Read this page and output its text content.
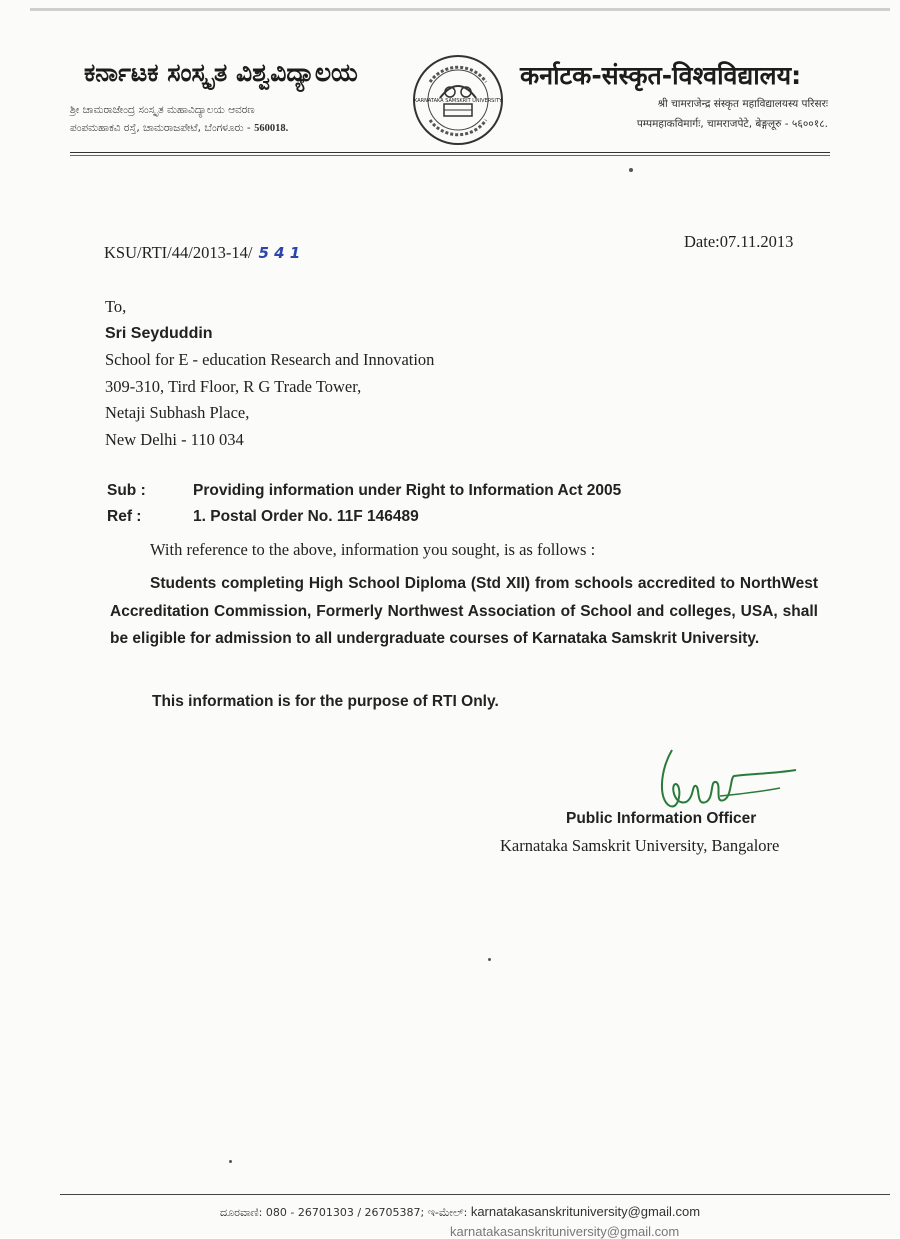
ಕರ್ನಾಟಕ ಸಂಸ್ಕೃತ ವಿಶ್ವವಿದ್ಯಾಲಯ
ಶ್ರೀ ಚಾಮರಾಜೇಂದ್ರ ಸಂಸ್ಕೃತ ಮಹಾವಿದ್ಯಾಲಯ ಆವರಣ
ಪಂಪಮಹಾಕವಿ ರಸ್ತೆ, ಚಾಮರಾಜಪೇಟೆ, ಬೆಂಗಳೂರು - 560018.
KARNATAKA SAMSKRIT UNIVERSITY
कर्नाटक-संस्कृत-विश्वविद्यालय:
श्री चामराजेन्द्र संस्कृत महाविद्यालयस्य परिसरः
पम्पमहाकविमार्गः, चामराजपेटे, बेङ्गलूरु - ५६००१८.
KSU/RTI/44/2013-14/ 5 4 1
Date:07.11.2013
To,
Sri Seyduddin
School for E - education Research and Innovation
309-310, Tird Floor, R G Trade Tower,
Netaji Subhash Place,
New Delhi - 110 034
Sub :	Providing information under Right to Information Act 2005
Ref :	1. Postal Order No. 11F 146489
With reference to the above, information you sought, is as follows :
Students completing High School Diploma (Std XII) from schools accredited to NorthWest Accreditation Commission, Formerly Northwest Association of School and colleges, USA, shall be eligible for admission to all undergraduate courses of Karnataka Samskrit University.
This information is for the purpose of RTI Only.
Public Information Officer
Karnataka Samskrit University, Bangalore
ದೂರವಾಣಿ: 080 - 26701303 / 26705387; ಇ-ಮೇಲ್: karnatakasanskrituniversity@gmail.com
karnatakasanskrituniversity@gmail.com
